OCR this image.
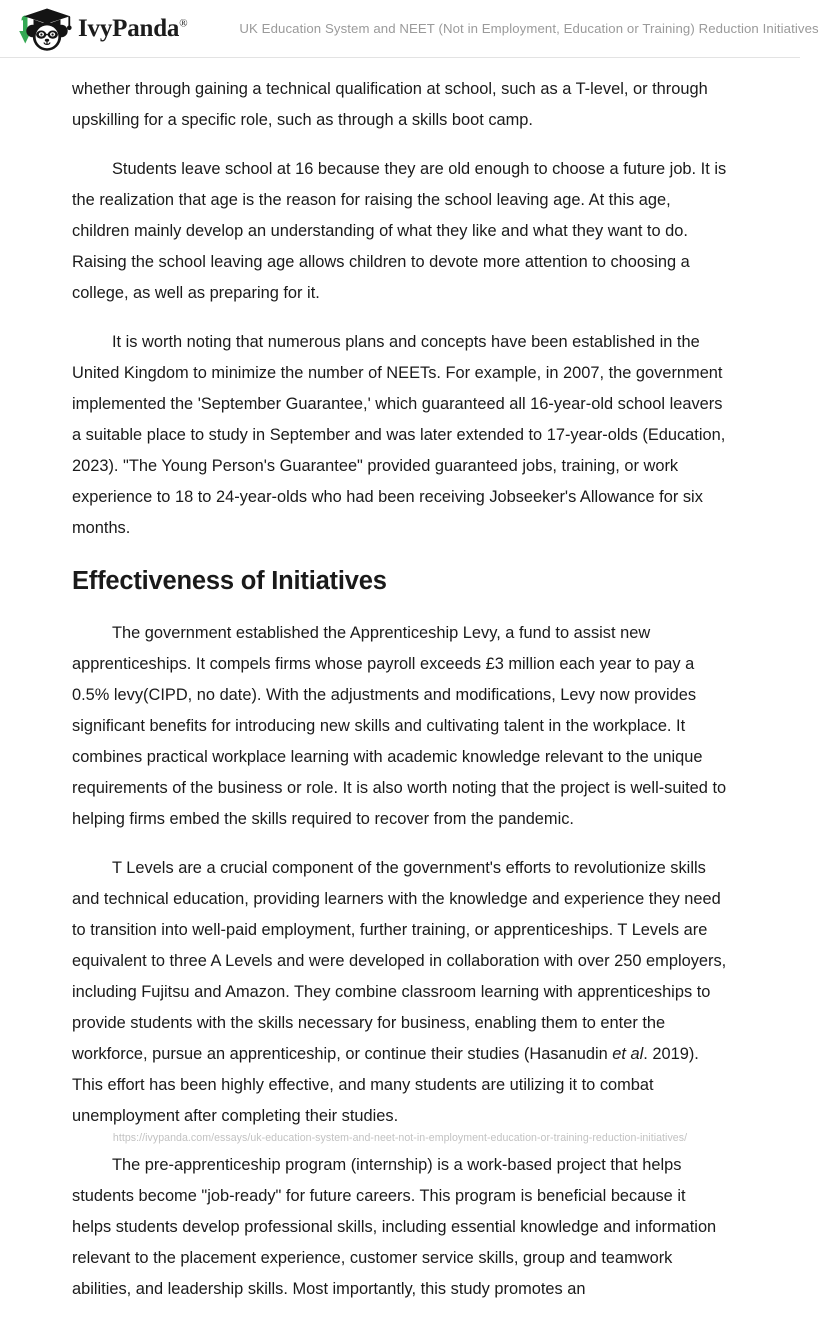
IvyPanda®	UK Education System and NEET (Not in Employment, Education or Training) Reduction Initiatives

whether through gaining a technical qualification at school, such as a T-level, or through upskilling for a specific role, such as through a skills boot camp.

Students leave school at 16 because they are old enough to choose a future job. It is the realization that age is the reason for raising the school leaving age. At this age, children mainly develop an understanding of what they like and what they want to do. Raising the school leaving age allows children to devote more attention to choosing a college, as well as preparing for it.

It is worth noting that numerous plans and concepts have been established in the United Kingdom to minimize the number of NEETs. For example, in 2007, the government implemented the 'September Guarantee,' which guaranteed all 16-year-old school leavers a suitable place to study in September and was later extended to 17-year-olds (Education, 2023). "The Young Person's Guarantee" provided guaranteed jobs, training, or work experience to 18 to 24-year-olds who had been receiving Jobseeker's Allowance for six months.

Effectiveness of Initiatives

The government established the Apprenticeship Levy, a fund to assist new apprenticeships. It compels firms whose payroll exceeds £3 million each year to pay a 0.5% levy(CIPD, no date). With the adjustments and modifications, Levy now provides significant benefits for introducing new skills and cultivating talent in the workplace. It combines practical workplace learning with academic knowledge relevant to the unique requirements of the business or role. It is also worth noting that the project is well-suited to helping firms embed the skills required to recover from the pandemic.

T Levels are a crucial component of the government's efforts to revolutionize skills and technical education, providing learners with the knowledge and experience they need to transition into well-paid employment, further training, or apprenticeships. T Levels are equivalent to three A Levels and were developed in collaboration with over 250 employers, including Fujitsu and Amazon. They combine classroom learning with apprenticeships to provide students with the skills necessary for business, enabling them to enter the workforce, pursue an apprenticeship, or continue their studies (Hasanudin et al. 2019). This effort has been highly effective, and many students are utilizing it to combat unemployment after completing their studies.

The pre-apprenticeship program (internship) is a work-based project that helps students become "job-ready" for future careers. This program is beneficial because it helps students develop professional skills, including essential knowledge and information relevant to the placement experience, customer service skills, group and teamwork abilities, and leadership skills. Most importantly, this study promotes an

https://ivypanda.com/essays/uk-education-system-and-neet-not-in-employment-education-or-training-reduction-initiatives/
